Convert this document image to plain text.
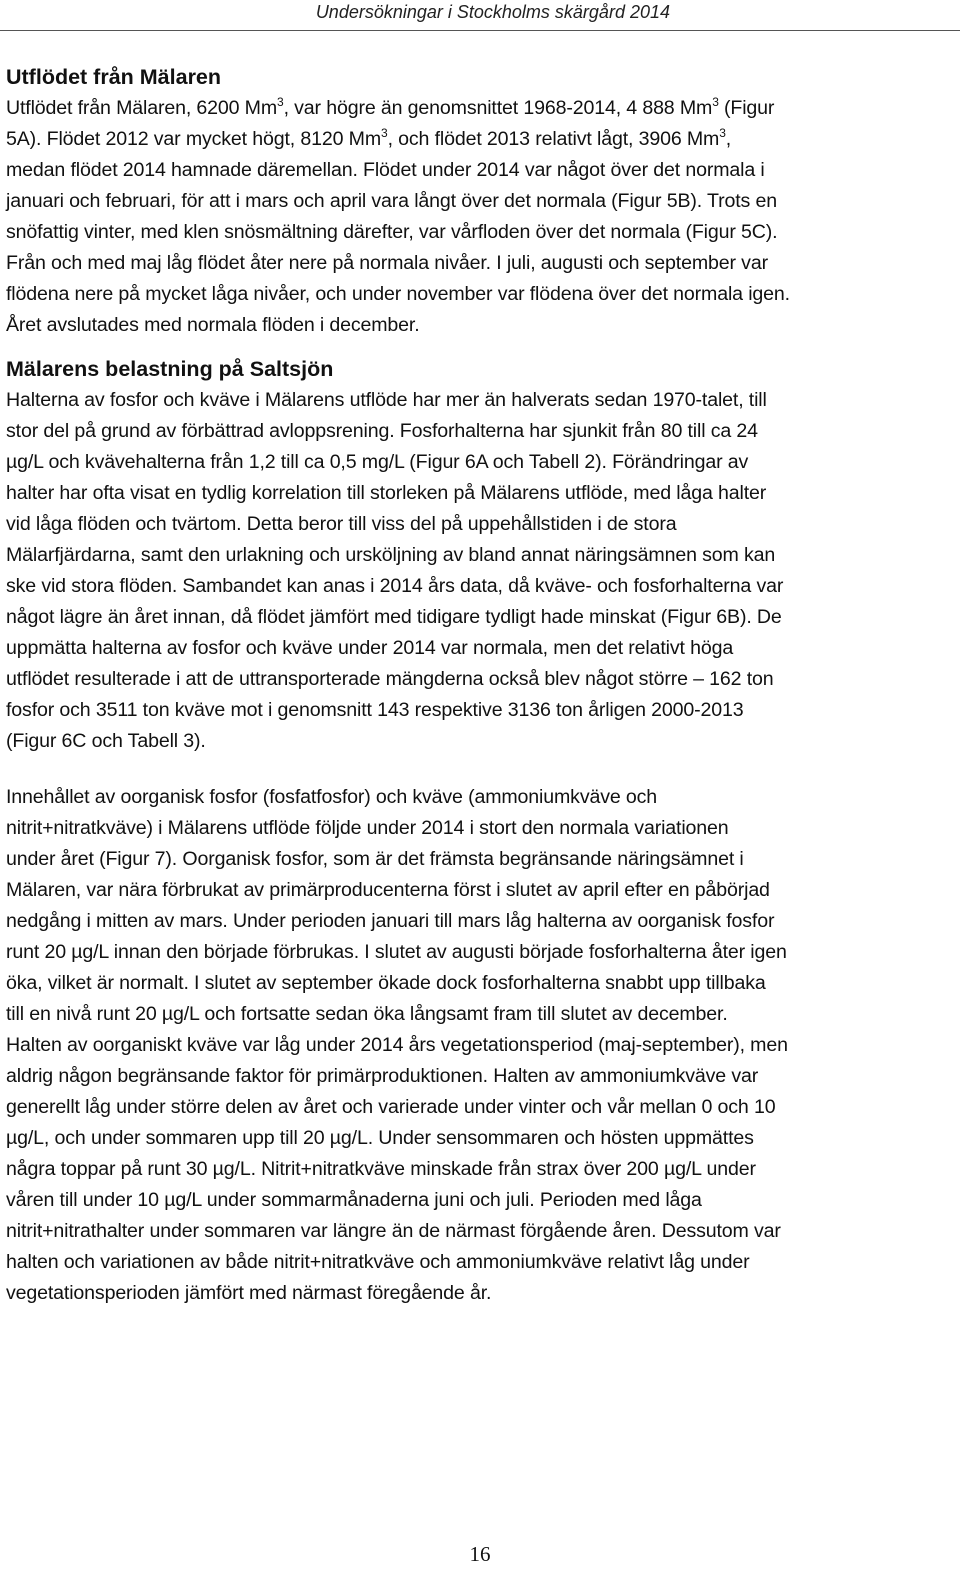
Undersökningar i Stockholms skärgård 2014
Utflödet från Mälaren

Utflödet från Mälaren, 6200 Mm$^3$, var högre än genomsnittet 1968-2014, 4 888 Mm$^3$ (Figur
5A). Flödet 2012 var mycket högt, 8120 Mm$^3$, och flödet 2013 relativt lågt, 3906 Mm$^3$,
medan flödet 2014 hamnade däremellan. Flödet under 2014 var något över det normala i
januari och februari, för att i mars och april vara långt över det normala (Figur 5B). Trots en
snöfattig vinter, med klen snösmältning därefter, var vårfloden över det normala (Figur 5C).
Från och med maj låg flödet åter nere på normala nivåer. I juli, augusti och september var
flödena nere på mycket låga nivåer, och under november var flödena över det normala igen.
Året avslutades med normala flöden i december.

Mälarens belastning på Saltsjön

Halterna av fosfor och kväve i Mälarens utflöde har mer än halverats sedan 1970-talet, till
stor del på grund av förbättrad avloppsrening. Fosforhalterna har sjunkit från 80 till ca 24
µg/L och kvävehalterna från 1,2 till ca 0,5 mg/L (Figur 6A och Tabell 2). Förändringar av
halter har ofta visat en tydlig korrelation till storleken på Mälarens utflöde, med låga halter
vid låga flöden och tvärtom. Detta beror till viss del på uppehållstiden i de stora
Mälarfjärdarna, samt den urlakning och ursköljning av bland annat näringsämnen som kan
ske vid stora flöden. Sambandet kan anas i 2014 års data, då kväve- och fosforhalterna var
något lägre än året innan, då flödet jämfört med tidigare tydligt hade minskat (Figur 6B). De
uppmätta halterna av fosfor och kväve under 2014 var normala, men det relativt höga
utflödet resulterade i att de uttransporterade mängderna också blev något större – 162 ton
fosfor och 3511 ton kväve mot i genomsnitt 143 respektive 3136 ton årligen 2000-2013
(Figur 6C och Tabell 3).

Innehållet av oorganisk fosfor (fosfatfosfor) och kväve (ammoniumkväve och
nitrit+nitratkväve) i Mälarens utflöde följde under 2014 i stort den normala variationen
under året (Figur 7). Oorganisk fosfor, som är det främsta begränsande näringsämnet i
Mälaren, var nära förbrukat av primärproducenterna först i slutet av april efter en påbörjad
nedgång i mitten av mars. Under perioden januari till mars låg halterna av oorganisk fosfor
runt 20 µg/L innan den började förbrukas. I slutet av augusti började fosforhalterna åter igen
öka, vilket är normalt. I slutet av september ökade dock fosforhalterna snabbt upp tillbaka
till en nivå runt 20 µg/L och fortsatte sedan öka långsamt fram till slutet av december.
Halten av oorganiskt kväve var låg under 2014 års vegetationsperiod (maj-september), men
aldrig någon begränsande faktor för primärproduktionen. Halten av ammoniumkväve var
generellt låg under större delen av året och varierade under vinter och vår mellan 0 och 10
µg/L, och under sommaren upp till 20 µg/L. Under sensommaren och hösten uppmättes
några toppar på runt 30 µg/L. Nitrit+nitratkväve minskade från strax över 200 µg/L under
våren till under 10 µg/L under sommarmånaderna juni och juli. Perioden med låga
nitrit+nitrathalter under sommaren var längre än de närmast förgående åren. Dessutom var
halten och variationen av både nitrit+nitratkväve och ammoniumkväve relativt låg under
vegetationsperioden jämfört med närmast föregående år.

16
